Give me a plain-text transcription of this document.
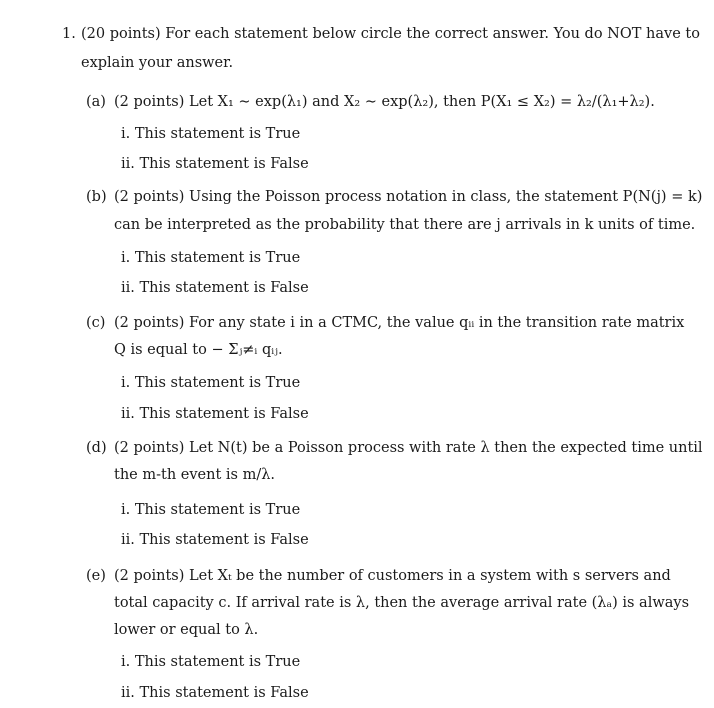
1. (20 points) For each statement below circle the correct answer. You do NOT have to
explain your answer.
(a) (2 points) Let X₁ ∼ exp(λ₁) and X₂ ∼ exp(λ₂), then P(X₁ ≤ X₂) = λ₂/(λ₁+λ₂).
i. This statement is True
ii. This statement is False
(b) (2 points) Using the Poisson process notation in class, the statement P(N(j) = k)
can be interpreted as the probability that there are j arrivals in k units of time.
i. This statement is True
ii. This statement is False
(c) (2 points) For any state i in a CTMC, the value qᵢᵢ in the transition rate matrix
Q is equal to − Σⱼ≠ᵢ qᵢⱼ.
i. This statement is True
ii. This statement is False
(d) (2 points) Let N(t) be a Poisson process with rate λ then the expected time until
the m-th event is m/λ.
i. This statement is True
ii. This statement is False
(e) (2 points) Let Xₜ be the number of customers in a system with s servers and
total capacity c. If arrival rate is λ, then the average arrival rate (λₐ) is always
lower or equal to λ.
i. This statement is True
ii. This statement is False
